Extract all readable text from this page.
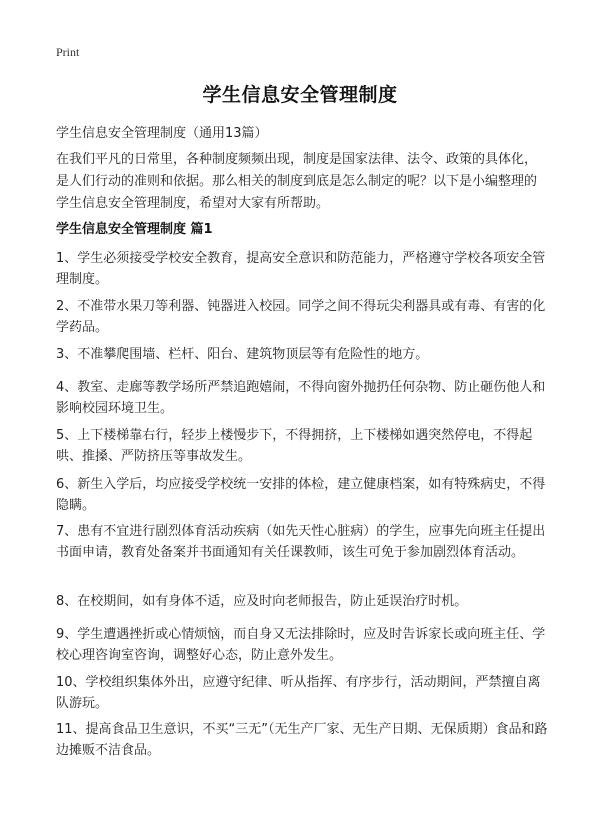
Print
学生信息安全管理制度
学生信息安全管理制度（通用13篇）
在我们平凡的日常里，各种制度频频出现，制度是国家法律、法令、政策的具体化，是人们行动的准则和依据。那么相关的制度到底是怎么制定的呢？以下是小编整理的学生信息安全管理制度，希望对大家有所帮助。
学生信息安全管理制度 篇1
1、学生必须接受学校安全教育，提高安全意识和防范能力，严格遵守学校各项安全管理制度。
2、不准带水果刀等利器、钝器进入校园。同学之间不得玩尖利器具或有毒、有害的化学药品。
3、不准攀爬围墙、栏杆、阳台、建筑物顶层等有危险性的地方。
4、教室、走廊等教学场所严禁追跑嬉闹，不得向窗外抛扔任何杂物、防止砸伤他人和影响校园环境卫生。
5、上下楼梯靠右行，轻步上楼慢步下，不得拥挤，上下楼梯如遇突然停电，不得起哄、推搡、严防挤压等事故发生。
6、新生入学后，均应接受学校统一安排的体检，建立健康档案，如有特殊病史，不得隐瞒。
7、患有不宜进行剧烈体育活动疾病（如先天性心脏病）的学生，应事先向班主任提出书面申请，教育处备案并书面通知有关任课教师，该生可免于参加剧烈体育活动。
8、在校期间，如有身体不适，应及时向老师报告，防止延误治疗时机。
9、学生遭遇挫折或心情烦恼，而自身又无法排除时，应及时告诉家长或向班主任、学校心理咨询室咨询，调整好心态，防止意外发生。
10、学校组织集体外出，应遵守纪律、听从指挥、有序步行，活动期间，严禁擅自离队游玩。
11、提高食品卫生意识，不买“三无”（无生产厂家、无生产日期、无保质期）食品和路边摊贩不洁食品。
